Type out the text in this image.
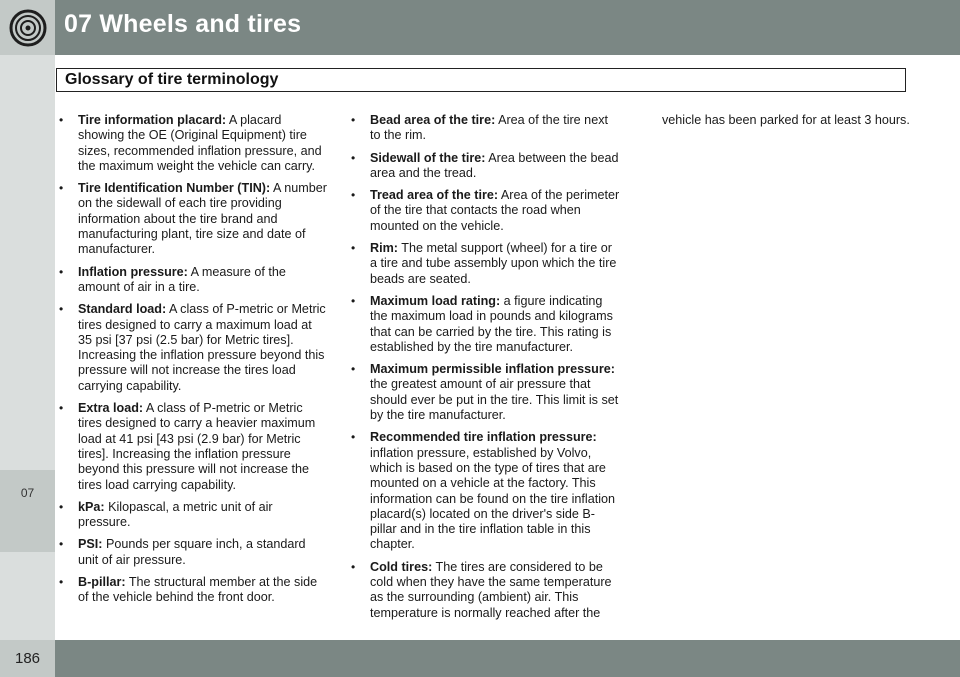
07 Wheels and tires
07
Glossary of tire terminology
• Tire information placard: A placard showing the OE (Original Equipment) tire sizes, recommended inflation pressure, and the maximum weight the vehicle can carry.
• Tire Identification Number (TIN): A number on the sidewall of each tire providing information about the tire brand and manufacturing plant, tire size and date of manufacturer.
• Inflation pressure: A measure of the amount of air in a tire.
• Standard load: A class of P-metric or Metric tires designed to carry a maximum load at 35 psi [37 psi (2.5 bar) for Metric tires]. Increasing the inflation pressure beyond this pressure will not increase the tires load carrying capability.
• Extra load: A class of P-metric or Metric tires designed to carry a heavier maximum load at 41 psi [43 psi (2.9 bar) for Metric tires]. Increasing the inflation pressure beyond this pressure will not increase the tires load carrying capability.
• kPa: Kilopascal, a metric unit of air pressure.
• PSI: Pounds per square inch, a standard unit of air pressure.
• B-pillar: The structural member at the side of the vehicle behind the front door.
• Bead area of the tire: Area of the tire next to the rim.
• Sidewall of the tire: Area between the bead area and the tread.
• Tread area of the tire: Area of the perimeter of the tire that contacts the road when mounted on the vehicle.
• Rim: The metal support (wheel) for a tire or a tire and tube assembly upon which the tire beads are seated.
• Maximum load rating: a figure indicating the maximum load in pounds and kilograms that can be carried by the tire. This rating is established by the tire manufacturer.
• Maximum permissible inflation pressure: the greatest amount of air pressure that should ever be put in the tire. This limit is set by the tire manufacturer.
• Recommended tire inflation pressure: inflation pressure, established by Volvo, which is based on the type of tires that are mounted on a vehicle at the factory. This information can be found on the tire inflation placard(s) located on the driver's side B-pillar and in the tire inflation table in this chapter.
• Cold tires: The tires are considered to be cold when they have the same temperature as the surrounding (ambient) air. This temperature is normally reached after the
vehicle has been parked for at least 3 hours.
186
